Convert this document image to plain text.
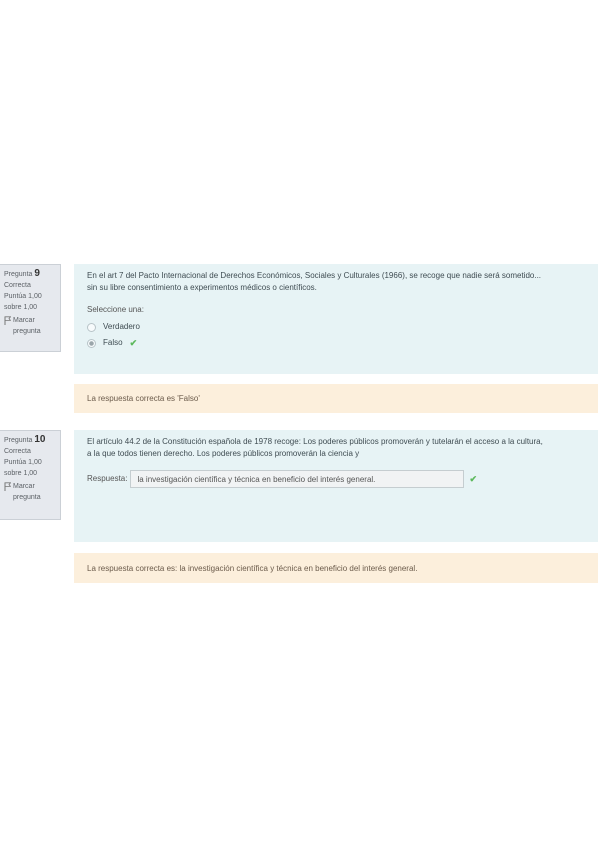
Pregunta 9
Correcta
Puntúa 1,00
sobre 1,00
Marcar
pregunta
En el art 7 del Pacto Internacional de Derechos Económicos, Sociales y Culturales (1966), se recoge que nadie será sometido...
sin su libre consentimiento a experimentos médicos o científicos.
Seleccione una:
Verdadero
Falso ✔
La respuesta correcta es 'Falso'
Pregunta 10
Correcta
Puntúa 1,00
sobre 1,00
Marcar
pregunta
El artículo 44.2 de la Constitución española de 1978 recoge: Los poderes públicos promoverán y tutelarán el acceso a la cultura,
a la que todos tienen derecho. Los poderes públicos promoverán la ciencia y
Respuesta:
la investigación científica y técnica en beneficio del interés general.	✔
La respuesta correcta es: la investigación científica y técnica en beneficio del interés general.
